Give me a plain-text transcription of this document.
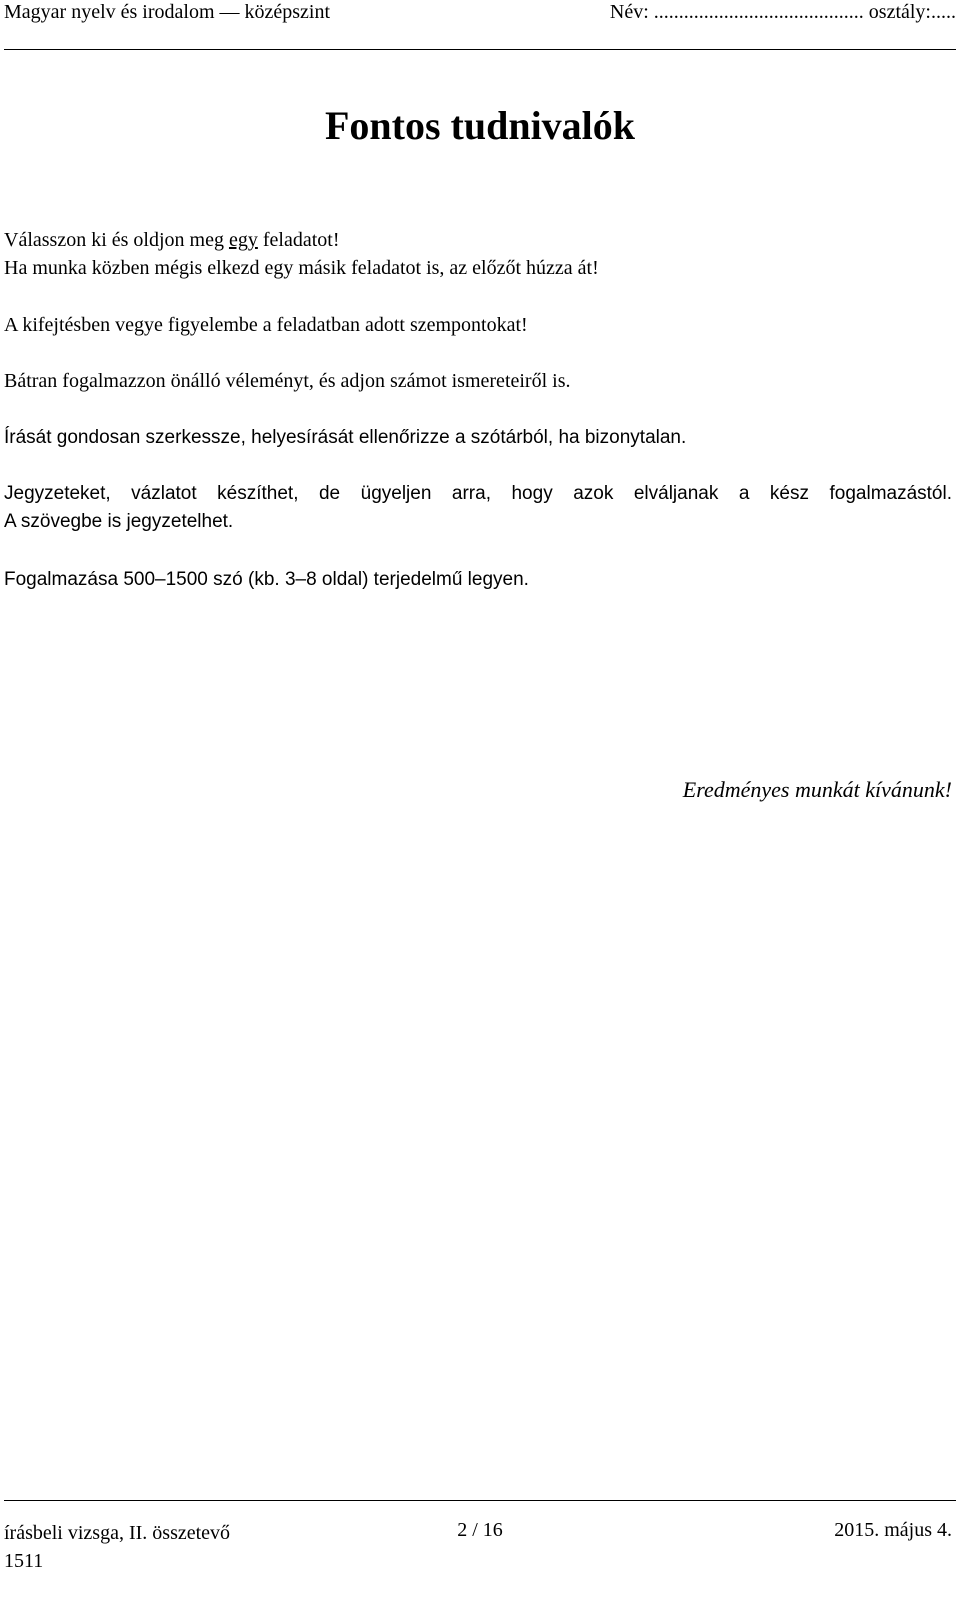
Magyar nyelv és irodalom — középszint	Név: .......................................... osztály:.....
Fontos tudnivalók

Válasszon ki és oldjon meg egy feladatot!

Ha munka közben mégis elkezd egy másik feladatot is, az előzőt húzza át!

A kifejtésben vegye figyelembe a feladatban adott szempontokat!
Bátran fogalmazzon önálló véleményt, és adjon számot ismereteiről is.
Írását gondosan szerkessze, helyesírását ellenőrizze a szótárból, ha bizonytalan.

Jegyzeteket, vázlatot készíthet, de ügyeljen arra, hogy azok elváljanak a kész fogalmazástól.

A szövegbe is jegyzetelhet.

Fogalmazása 500–1500 szó (kb. 3–8 oldal) terjedelmű legyen.
Eredményes munkát kívánunk!
írásbeli vizsga, II. összetevő
1511
2 / 16	2015. május 4.
